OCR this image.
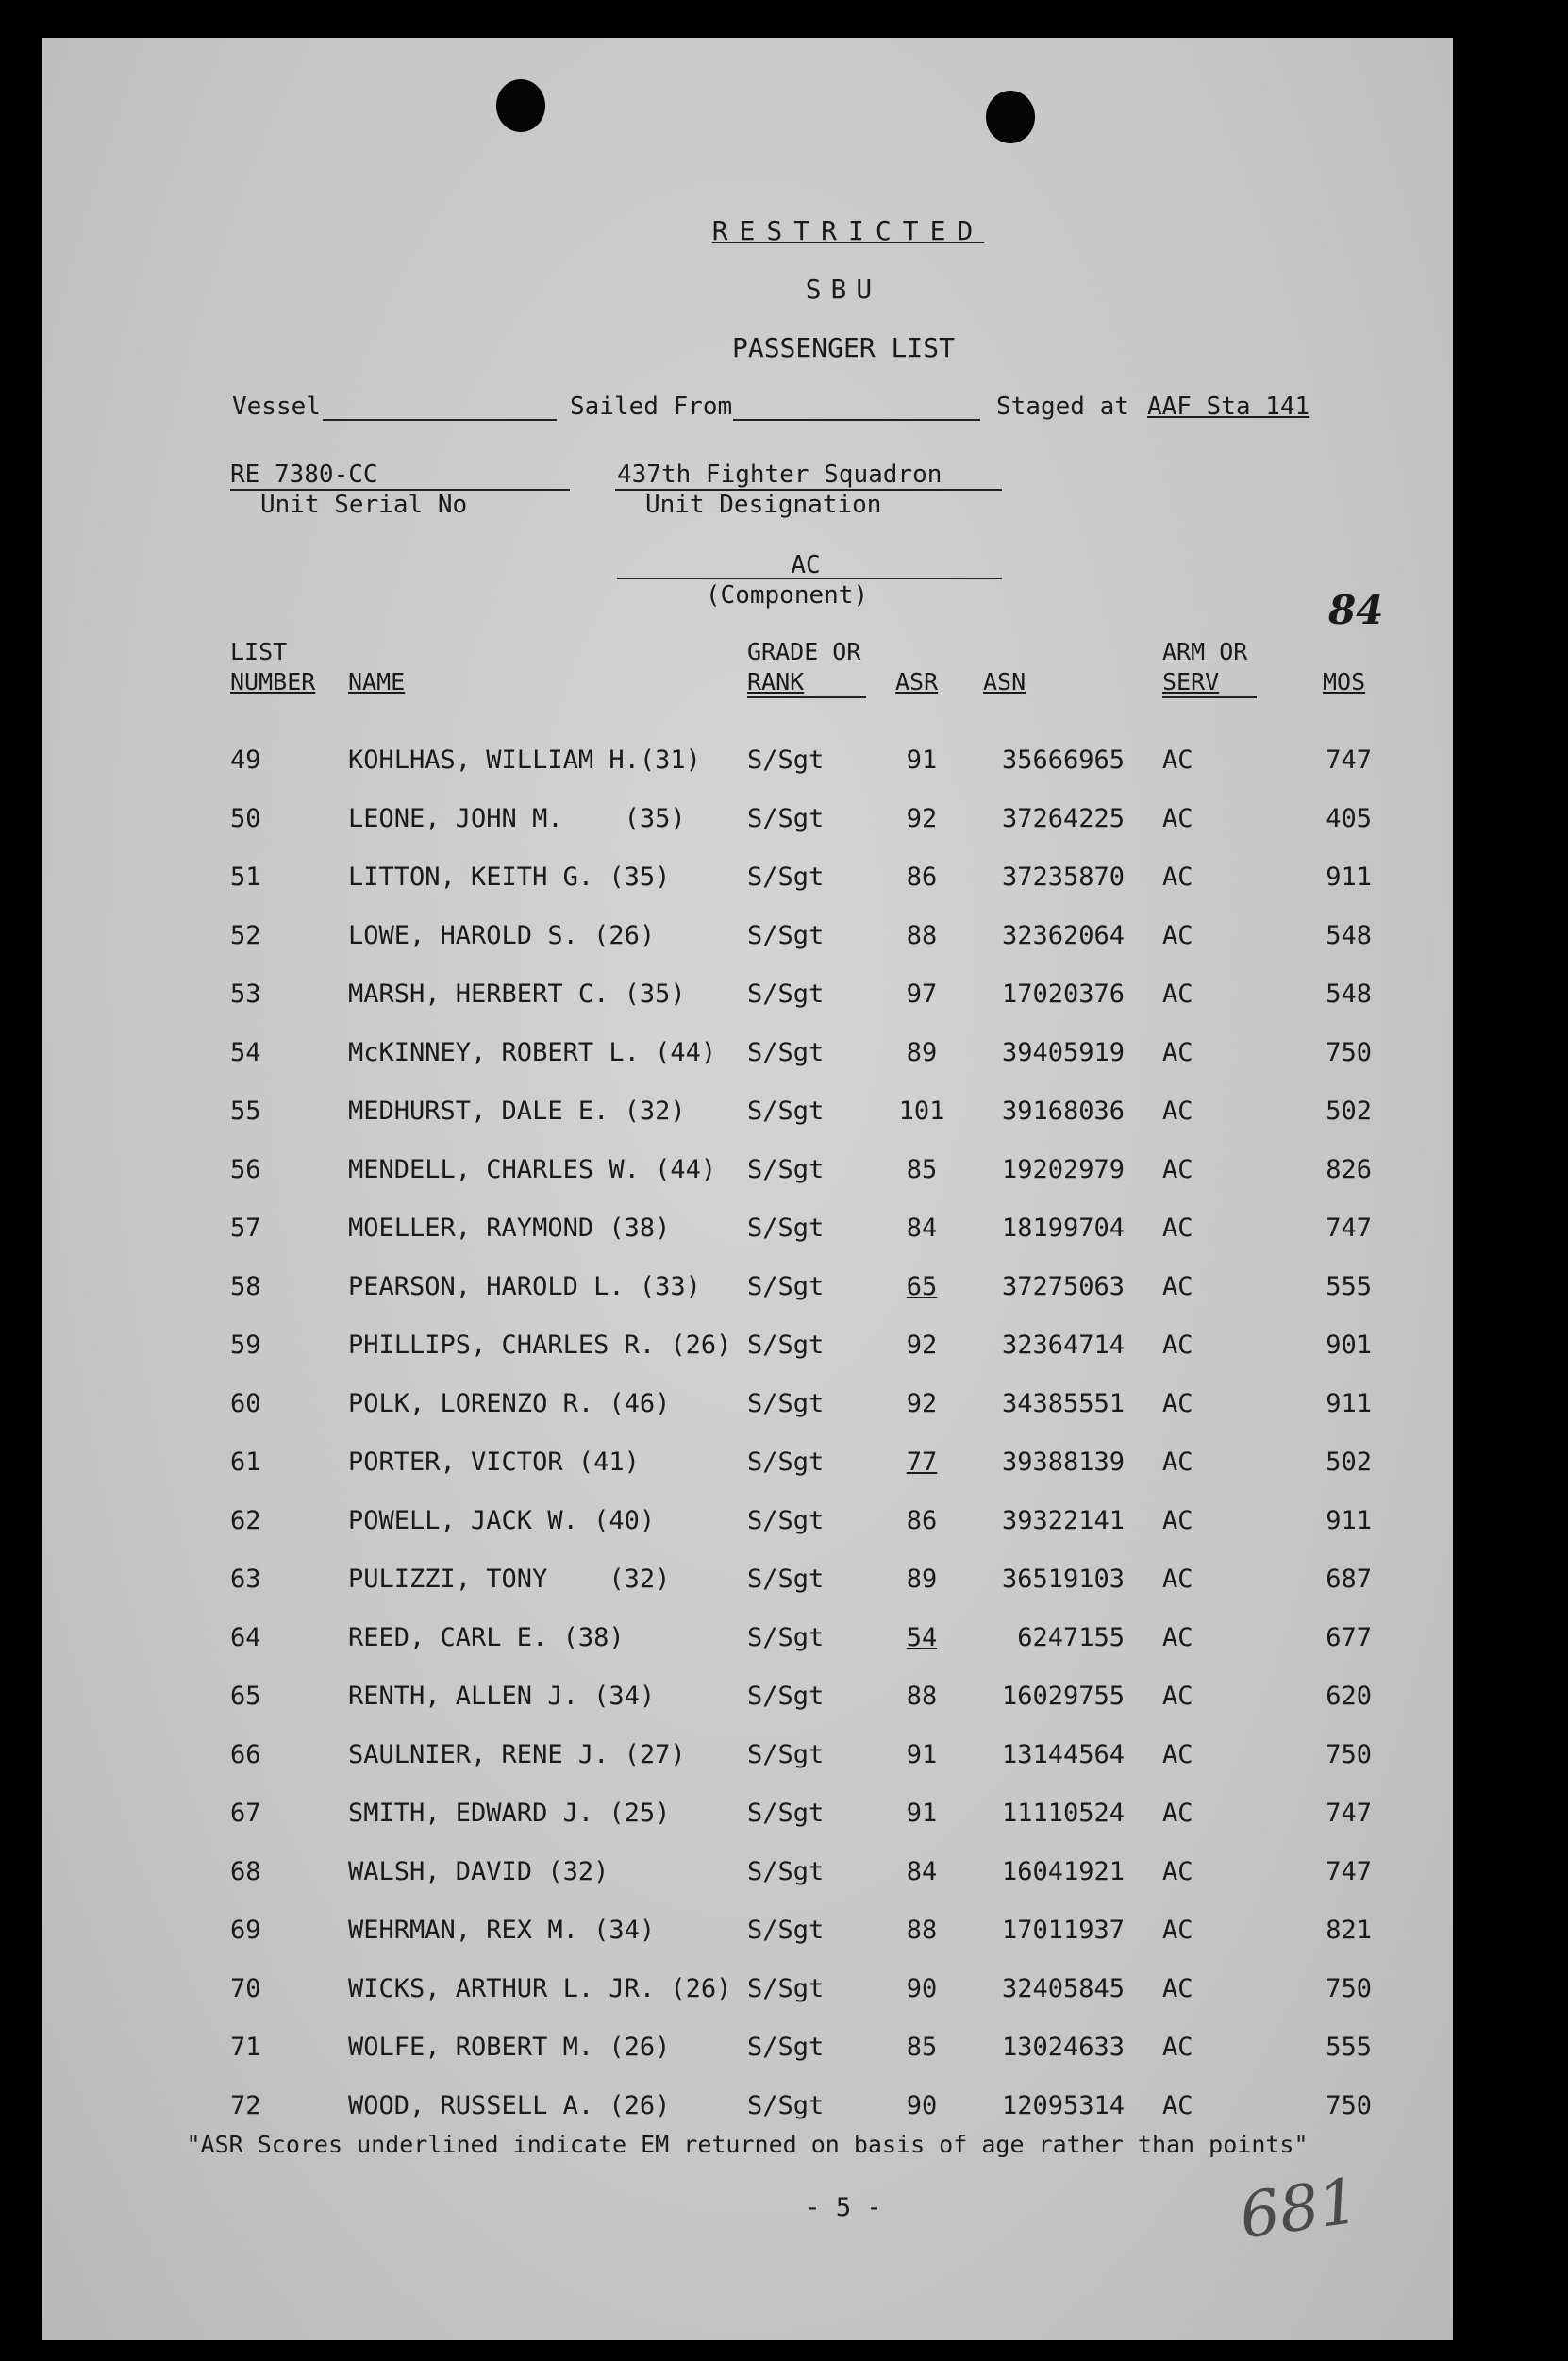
RESTRICTED
SBU
PASSENGER LIST
Vessel	Sailed From	Staged at AAF Sta 141
RE 7380-CC
Unit Serial No
437th Fighter Squadron
Unit Designation
AC
(Component)	84
LIST
NUMBER NAME
GRADE OR
RANK	ASR ASN
ARM OR
SERV	MOS
49	KOHLHAS, WILLIAM H.(31) S/Sgt	91	35666965 AC	747
50	LEONE, JOHN M.    (35) S/Sgt	92	37264225 AC	405
51	LITTON, KEITH G. (35)	S/Sgt	86	37235870 AC	911
52	LOWE, HAROLD S. (26)	S/Sgt	88	32362064 AC	548
53	MARSH, HERBERT C. (35) S/Sgt	97	17020376 AC	548
54	McKINNEY, ROBERT L. (44) S/Sgt	89	39405919 AC	750
55	MEDHURST, DALE E. (32) S/Sgt	101	39168036 AC	502
56	MENDELL, CHARLES W. (44) S/Sgt	85	19202979 AC	826
57	MOELLER, RAYMOND (38)	S/Sgt	84	18199704 AC	747
58	PEARSON, HAROLD L. (33) S/Sgt	65	37275063 AC	555
59	PHILLIPS, CHARLES R. (26) S/Sgt	92	32364714 AC	901
60	POLK, LORENZO R. (46)	S/Sgt	92	34385551 AC	911
61	PORTER, VICTOR (41)	S/Sgt	77	39388139 AC	502
62	POWELL, JACK W. (40)	S/Sgt	86	39322141 AC	911
63	PULIZZI, TONY    (32)	S/Sgt	89	36519103 AC	687
64	REED, CARL E. (38)	S/Sgt	54	6247155 AC	677
65	RENTH, ALLEN J. (34)	S/Sgt	88	16029755 AC	620
66	SAULNIER, RENE J. (27) S/Sgt	91	13144564 AC	750
67	SMITH, EDWARD J. (25)	S/Sgt	91	11110524 AC	747
68	WALSH, DAVID (32)	S/Sgt	84	16041921 AC	747
69	WEHRMAN, REX M. (34)	S/Sgt	88	17011937 AC	821
70	WICKS, ARTHUR L. JR. (26) S/Sgt	90	32405845 AC	750
71	WOLFE, ROBERT M. (26)	S/Sgt	85	13024633 AC	555
72	WOOD, RUSSELL A. (26)	S/Sgt	90	12095314 AC	750
"ASR Scores underlined indicate EM returned on basis of age rather than points"
- 5 -	681
